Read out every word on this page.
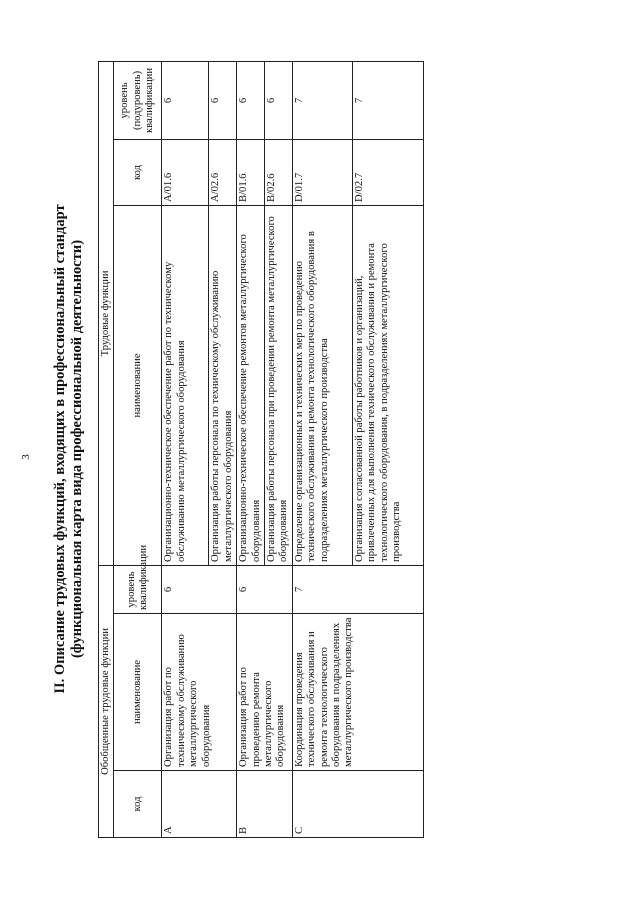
3 II. Описание трудовых функций, входящих в профессиональный стандарт (функциональная карта вида профессиональной деятельности)
Обобщенные трудовые функции			Трудовые функции		
код	наименование	уровень квалификации	наименование	код	уровень (подуровень) квалификации
A	Организация работ по техническому обслуживанию металлургического оборудования	6	Организационно-техническое обеспечение работ по техническому обслуживанию металлургического оборудования	A/01.6	6
			Организация работы персонала по техническому обслуживанию металлургического оборудования	A/02.6	6
B	Организация работ по проведению ремонта металлургического оборудования	6	Организационно-техническое обеспечение ремонтов металлургического оборудования	B/01.6	6
			Организация работы персонала при проведении ремонта металлургического оборудования	B/02.6	6
C	Координация проведения технического обслуживания и ремонта технологического оборудования в подразделениях металлургического производства	7	Определение организационных и технических мер по проведению технического обслуживания и ремонта технологического оборудования в подразделениях металлургического производства	D/01.7	7
			Организация согласованной работы работников и организаций, привлеченных для выполнения технического обслуживания и ремонта технологического оборудования, в подразделениях металлургического производства	D/02.7	7
